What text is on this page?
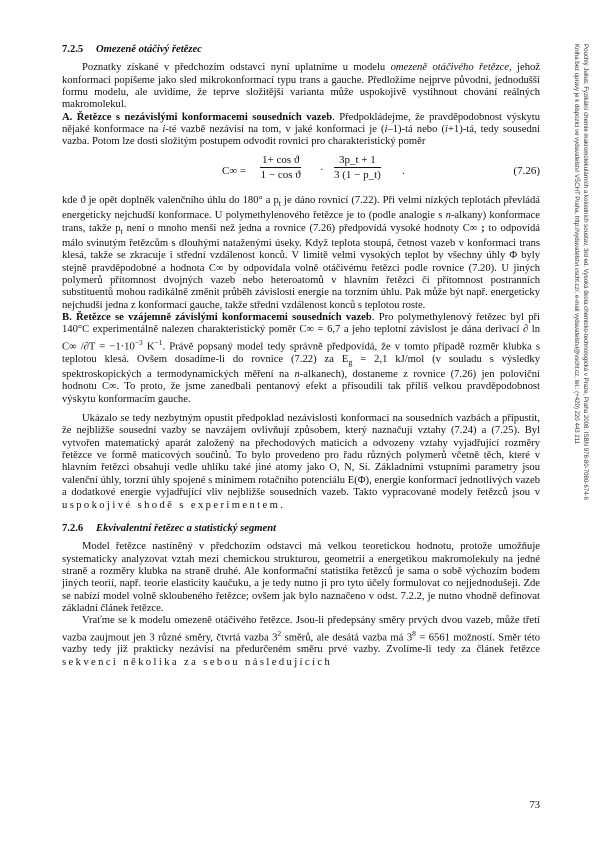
Pouchlý Julius: Fyzikální chemie makromolekulárních a koloidních soustav, 3rd ed. Vysoká škola chemicko-technologická v Praze, Praha 2008. ISBN 978-80-7080-674-6
Kniha bez úpravy je k dispozici ve vydavatelství VŠCHT Praha, http://vydavatelstvi.vscht.cz/, e-mail vydavatelstvi@vscht.cz, tel.: (+420) 220 443 211
7.2.5 Omezeně otáčivý řetězec

Poznatky získané v předchozím odstavci nyní uplatníme u modelu omezeně otáčivého řetězce, jehož konformaci popíšeme jako sled mikrokonformací typu trans a gauche. Předložíme nejprve původní, jednodušší formu modelu, ale uvidíme, že teprve složitější varianta může uspokojivě vystihnout chování reálných makromolekul.

A. Řetězce s nezávislými konformacemi sousedních vazeb. Předpokládejme, že pravděpodobnost výskytu nějaké konformace na i-té vazbě nezávisí na tom, v jaké konformaci je (i–1)-tá nebo (i+1)-tá, tedy sousední vazba. Potom lze dosti složitým postupem odvodit rovnici pro charakteristický poměr

$C\infty = \frac{\text{1+ cos ϑ}}{\text{1 − cos ϑ}} \cdot \frac{3p\_t + 1}{3 (1 - p\_t)}$ .	(7.26)

kde ϑ je opět doplněk valenčního úhlu do 180° a $p_t$ je dáno rovnicí (7.22). Při velmi nízkých teplotách převládá energeticky nejchudší konformace. U polymethylenového řetězce je to (podle analogie s n-alkany) konformace trans, takže $p_t$ není o mnoho menší než jedna a rovnice (7.26) předpovídá vysoké hodnoty C∞ ; to odpovídá málo svinutým řetězcům s dlouhými nataženými úseky. Když teplota stoupá, četnost vazeb v konformaci trans klesá, takže se zkracuje i střední vzdálenost konců. V limitě velmi vysokých teplot by všechny úhly Φ byly stejně pravděpodobné a hodnota C∞ by odpovídala volně otáčivému řetězci podle rovnice (7.20). U jiných polymerů přítomnost dvojných vazeb nebo heteroatomů v hlavním řetězci či přítomnost postranních substituentů mohou radikálně změnit průběh závislosti energie na torzním úhlu. Pak může být např. energeticky nejchudší jedna z konformací gauche, takže střední vzdálenost konců s teplotou roste.

B. Řetězce se vzájemně závislými konformacemi sousedních vazeb. Pro polymethylenový řetězec byl při 140°C experimentálně nalezen charakteristický poměr C∞ = 6,7 a jeho teplotní závislost je dána derivací ∂ ln C∞ $/\partial T = -1\cdot 10^{-3}$ $K^{-1}$. Právě popsaný model tedy správně předpovídá, že v tomto případě rozměr klubka s teplotou klesá. Ovšem dosadíme-li do rovnice (7.22) za $E_g = 2,1$ kJ/mol (v souladu s výsledky spektroskopických a termodynamických měření na n-alkanech), dostaneme z rovnice (7.26) jen poloviční hodnotu C∞. To proto, že jsme zanedbali pentanový efekt a přisoudili tak příliš velkou pravděpodobnost výskytu konformacím gauche.

Ukázalo se tedy nezbytným opustit předpoklad nezávislosti konformací na sousedních vazbách a připustit, že nejbližše sousední vazby se navzájem ovlivňují způsobem, který naznačují vztahy (7.24) a (7.25). Byl vytvořen matematický aparát založený na přechodových maticích a odvozeny vztahy vyjadřující rozměry řetězce ve formě maticových součinů. To bylo provedeno pro řadu různých polymerů včetně těch, které v hlavním řetězci obsahují vedle uhlíku také jiné atomy jako O, N, Si. Základními vstupními parametry jsou valenční úhly, torzní úhly spojené s minimem rotačního potenciálu E(Φ), energie konformací jednotlivých vazeb a dodatkové energie vyjadřující vliv nejbližše sousedních vazeb. Takto vypracované modely řetězců jsou v uspokojivé shodě s experimentem.

7.2.6 Ekvivalentní řetězec a statistický segment

Model řetězce nastíněný v předchozím odstavci má velkou teoretickou hodnotu, protože umožňuje systematicky analyzovat vztah mezi chemickou strukturou, geometrií a energetikou makromolekuly na jedné straně a rozměry klubka na straně druhé. Ale konformační statistika řetězců je sama o sobě výchozím bodem jiných teorií, např. teorie elasticity kaučuku, a je tedy nutno ji pro tyto účely formulovat co nejjednodušeji. Zde se nabízí model volně skloubeného řetězce; ovšem jak bylo naznačeno v odst. 7.2.2, je nutno vhodně definovat základní článek řetězce.

Vraťme se k modelu omezeně otáčivého řetězce. Jsou-li předepsány směry prvých dvou vazeb, může třetí vazba zaujmout jen 3 různé směry, čtvrtá vazba $3^2$ směrů, ale desátá vazba má $3^8 = 6561$ možností. Směr této vazby tedy již prakticky nezávisí na předurčeném směru prvé vazby. Zvolíme-li tedy za článek řetězce sekvenci několika za sebou následujících

73
